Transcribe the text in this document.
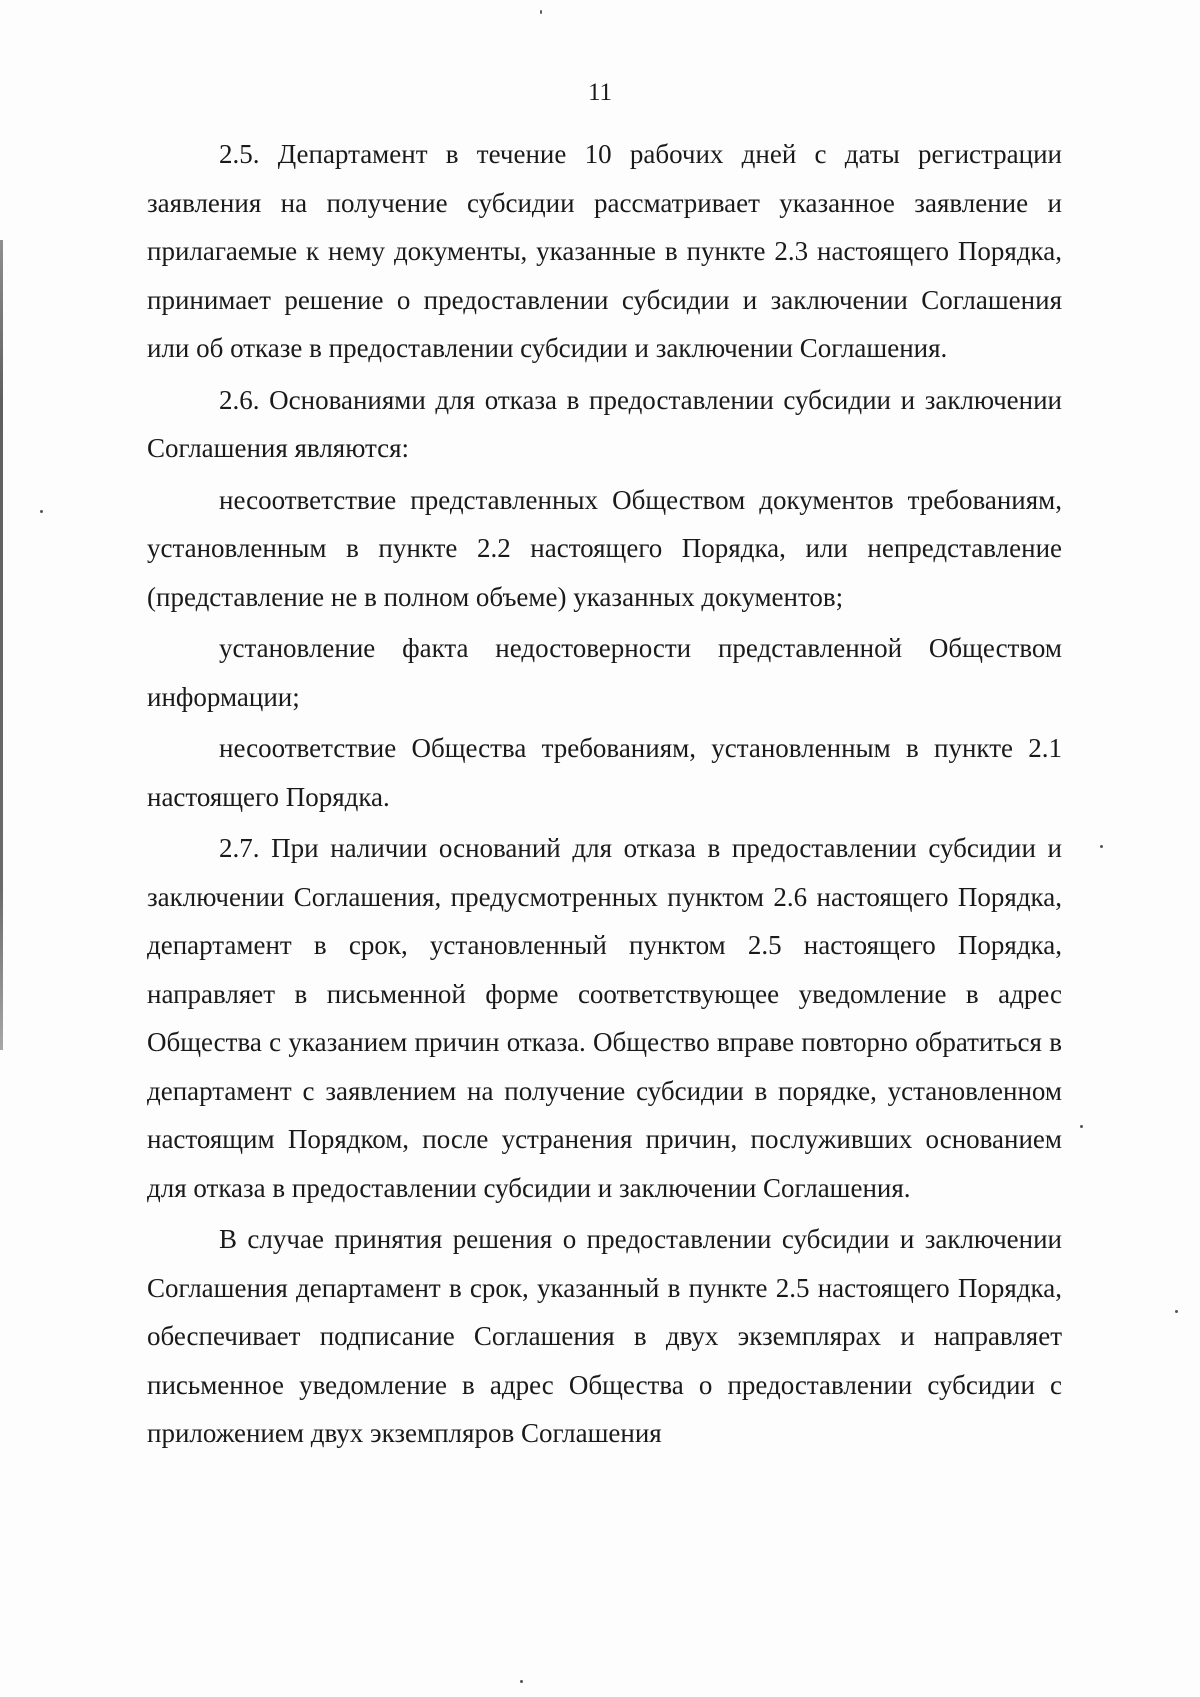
11

2.5. Департамент в течение 10 рабочих дней с даты регистрации заявления на получение субсидии рассматривает указанное заявление и прилагаемые к нему документы, указанные в пункте 2.3 настоящего Порядка, принимает решение о предоставлении субсидии и заключении Соглашения или об отказе в предоставлении субсидии и заключении Соглашения.

2.6. Основаниями для отказа в предоставлении субсидии и заключении Соглашения являются:

несоответствие представленных Обществом документов требованиям, установленным в пункте 2.2 настоящего Порядка, или непредставление (представление не в полном объеме) указанных документов;

установление факта недостоверности представленной Обществом информации;

несоответствие Общества требованиям, установленным в пункте 2.1 настоящего Порядка.

2.7. При наличии оснований для отказа в предоставлении субсидии и заключении Соглашения, предусмотренных пунктом 2.6 настоящего Порядка, департамент в срок, установленный пунктом 2.5 настоящего Порядка, направляет в письменной форме соответствующее уведомление в адрес Общества с указанием причин отказа. Общество вправе повторно обратиться в департамент с заявлением на получение субсидии в порядке, установленном настоящим Порядком, после устранения причин, послуживших основанием для отказа в предоставлении субсидии и заключении Соглашения.

В случае принятия решения о предоставлении субсидии и заключении Соглашения департамент в срок, указанный в пункте 2.5 настоящего Порядка, обеспечивает подписание Соглашения в двух экземплярах и направляет письменное уведомление в адрес Общества о предоставлении субсидии с приложением двух экземпляров Соглашения
